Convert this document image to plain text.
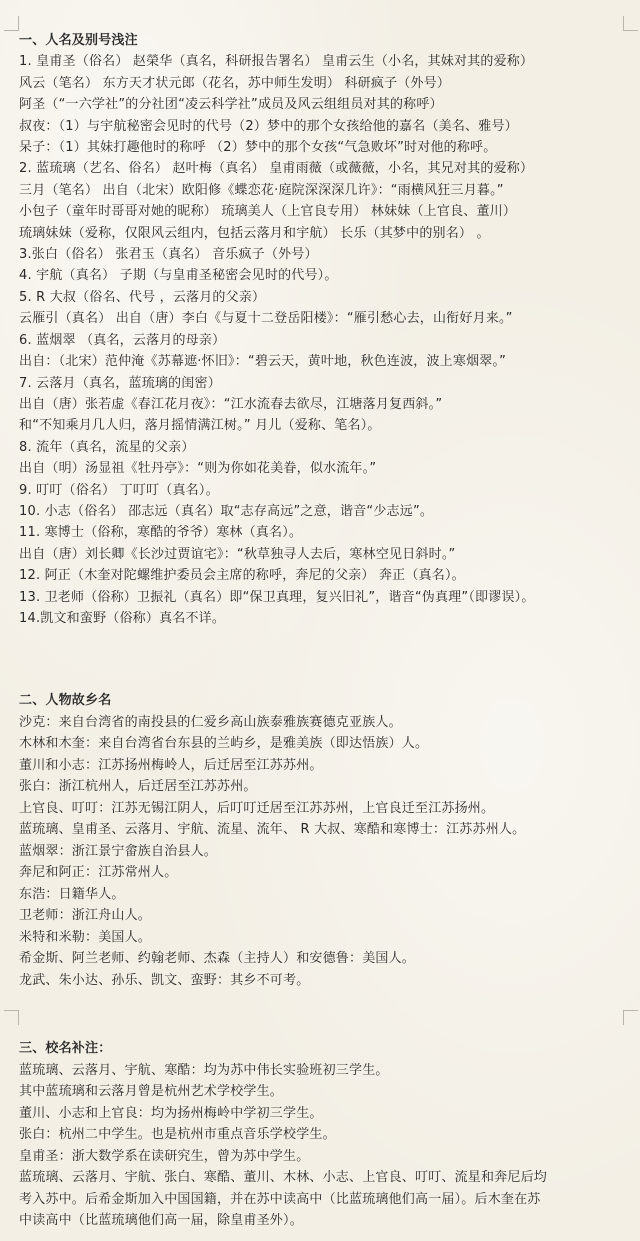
一、人名及别号浅注
1. 皇甫圣（俗名） 赵榮华（真名，科研报告署名） 皇甫云生（小名，其妹对其的爱称）
风云（笔名） 东方天才状元郎（花名，苏中师生发明） 科研疯子（外号）
阿圣（“一六学社”的分社团“凌云科学社”成员及风云组组员对其的称呼）
叔夜：（1）与宇航秘密会见时的代号（2）梦中的那个女孩给他的嘉名（美名、雅号）
呆子：（1）其妹打趣他时的称呼 （2）梦中的那个女孩“气急败坏”时对他的称呼。
2. 蓝琉璃（艺名、俗名） 赵叶梅（真名） 皇甫雨薇（或薇薇，小名，其兄对其的爱称）
三月（笔名） 出自（北宋）欧阳修《蝶恋花·庭院深深深几许》：“雨横风狂三月暮。”
小包子（童年时哥哥对她的昵称） 琉璃美人（上官良专用） 林妹妹（上官良、董川）
琉璃妹妹（爱称，仅限风云组内，包括云落月和宇航） 长乐（其梦中的别名） 。
3.张白（俗名） 张君玉（真名） 音乐疯子（外号）
4. 宇航（真名） 子期（与皇甫圣秘密会见时的代号）。
5. R 大叔（俗名、代号 ，云落月的父亲）
云雁引（真名） 出自（唐）李白《与夏十二登岳阳楼》：“雁引愁心去，山衔好月来。”
6. 蓝烟翠 （真名，云落月的母亲）
出自：（北宋）范仲淹《苏幕遮·怀旧》：“碧云天，黄叶地，秋色连波，波上寒烟翠。”
7. 云落月（真名，蓝琉璃的闺密）
出自（唐）张若虚《春江花月夜》：“江水流春去欲尽，江塘落月复西斜。”
和“不知乘月几人归，落月摇情满江树。” 月儿（爱称、笔名）。
8. 流年（真名，流星的父亲）
出自（明）汤显祖《牡丹亭》：“则为你如花美眷，似水流年。”
9. 叮叮（俗名） 丁叮叮（真名）。
10. 小志（俗名） 邵志远（真名）取“志存高远”之意，谐音“少志远”。
11. 寒博士（俗称，寒酷的爷爷）寒林（真名）。
出自（唐）刘长卿《长沙过贾谊宅》：“秋草独寻人去后，寒林空见日斜时。”
12. 阿正（木奎对陀螺维护委员会主席的称呼，奔尼的父亲） 奔正（真名）。
13. 卫老师（俗称）卫振礼（真名）即“保卫真理，复兴旧礼”，谐音“伪真理”（即谬误）。
14.凯文和蛮野（俗称）真名不详。
二、人物故乡名
沙克：来自台湾省的南投县的仁爱乡高山族泰雅族赛德克亚族人。
木林和木奎：来自台湾省台东县的兰屿乡，是雅美族（即达悟族）人。
董川和小志：江苏扬州梅岭人，后迁居至江苏苏州。
张白：浙江杭州人，后迁居至江苏苏州。
上官良、叮叮：江苏无锡江阴人，后叮叮迁居至江苏苏州，上官良迁至江苏扬州。
蓝琉璃、皇甫圣、云落月、宇航、流星、流年、 R 大叔、寒酷和寒博士：江苏苏州人。
蓝烟翠：浙江景宁畲族自治县人。
奔尼和阿正：江苏常州人。
东浩：日籍华人。
卫老师：浙江舟山人。
米特和米勒：美国人。
希金斯、阿兰老师、约翰老师、杰森（主持人）和安德鲁：美国人。
龙武、朱小达、孙乐、凯文、蛮野：其乡不可考。
三、校名补注：
蓝琉璃、云落月、宇航、寒酷：均为苏中伟长实验班初三学生。
其中蓝琉璃和云落月曾是杭州艺术学校学生。
董川、小志和上官良：均为扬州梅岭中学初三学生。
张白：杭州二中学生。也是杭州市重点音乐学校学生。
皇甫圣：浙大数学系在读研究生，曾为苏中学生。
蓝琉璃、云落月、宇航、张白、寒酷、董川、木林、小志、上官良、叮叮、流星和奔尼后均
考入苏中。后希金斯加入中国国籍，并在苏中读高中（比蓝琉璃他们高一届）。后木奎在苏
中读高中（比蓝琉璃他们高一届，除皇甫圣外）。
